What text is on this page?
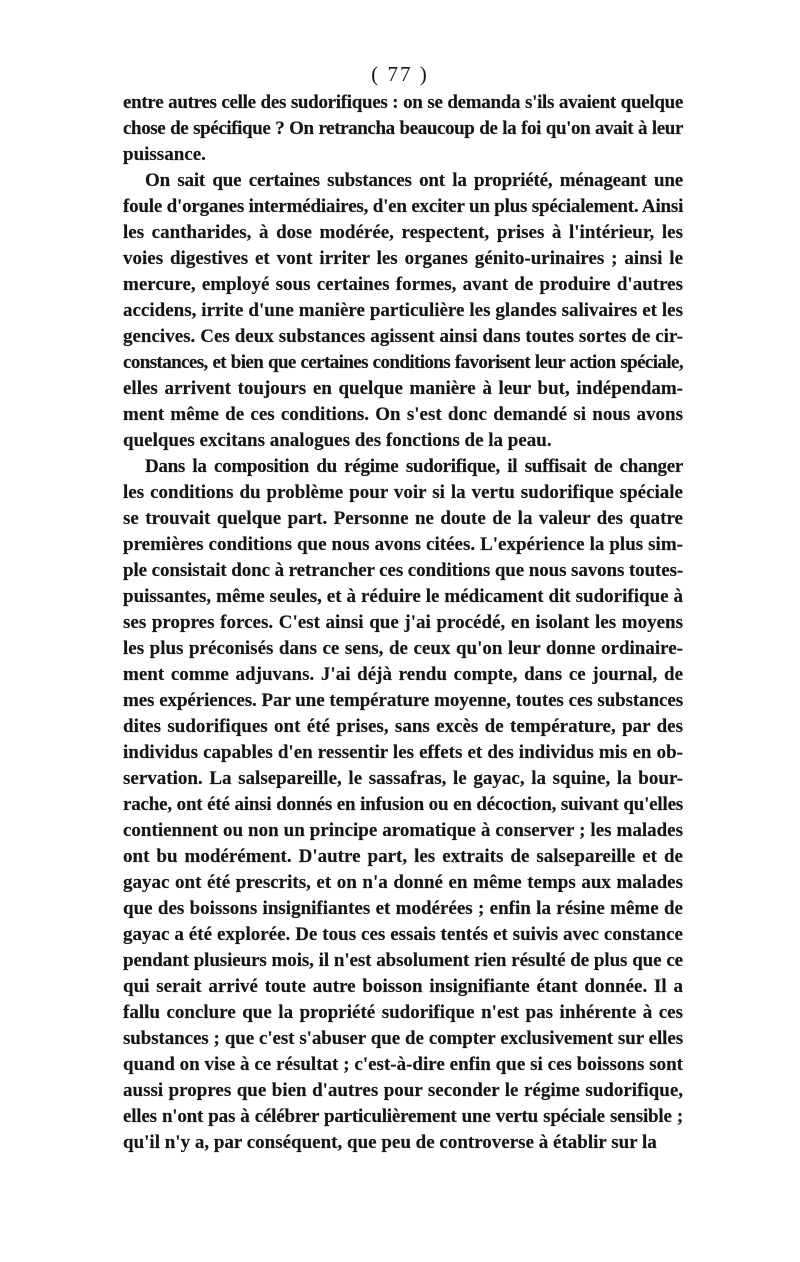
( 77 )
entre autres celle des sudorifiques : on se demanda s'ils avaient quelque
chose de spécifique ? On retrancha beaucoup de la foi qu'on avait à leur
puissance.
On sait que certaines substances ont la propriété, ménageant une
foule d'organes intermédiaires, d'en exciter un plus spécialement. Ainsi
les cantharides, à dose modérée, respectent, prises à l'intérieur, les
voies digestives et vont irriter les organes génito-urinaires ; ainsi le
mercure, employé sous certaines formes, avant de produire d'autres
accidens, irrite d'une manière particulière les glandes salivaires et les
gencives. Ces deux substances agissent ainsi dans toutes sortes de cir-
constances, et bien que certaines conditions favorisent leur action spéciale,
elles arrivent toujours en quelque manière à leur but, indépendam-
ment même de ces conditions. On s'est donc demandé si nous avons
quelques excitans analogues des fonctions de la peau.
Dans la composition du régime sudorifique, il suffisait de changer
les conditions du problème pour voir si la vertu sudorifique spéciale
se trouvait quelque part. Personne ne doute de la valeur des quatre
premières conditions que nous avons citées. L'expérience la plus sim-
ple consistait donc à retrancher ces conditions que nous savons toutes-
puissantes, même seules, et à réduire le médicament dit sudorifique à
ses propres forces. C'est ainsi que j'ai procédé, en isolant les moyens
les plus préconisés dans ce sens, de ceux qu'on leur donne ordinaire-
ment comme adjuvans. J'ai déjà rendu compte, dans ce journal, de
mes expériences. Par une température moyenne, toutes ces substances
dites sudorifiques ont été prises, sans excès de température, par des
individus capables d'en ressentir les effets et des individus mis en ob-
servation. La salsepareille, le sassafras, le gayac, la squine, la bour-
rache, ont été ainsi donnés en infusion ou en décoction, suivant qu'elles
contiennent ou non un principe aromatique à conserver ; les malades
ont bu modérément. D'autre part, les extraits de salsepareille et de
gayac ont été prescrits, et on n'a donné en même temps aux malades
que des boissons insignifiantes et modérées ; enfin la résine même de
gayac a été explorée. De tous ces essais tentés et suivis avec constance
pendant plusieurs mois, il n'est absolument rien résulté de plus que ce
qui serait arrivé toute autre boisson insignifiante étant donnée. Il a
fallu conclure que la propriété sudorifique n'est pas inhérente à ces
substances ; que c'est s'abuser que de compter exclusivement sur elles
quand on vise à ce résultat ; c'est-à-dire enfin que si ces boissons sont
aussi propres que bien d'autres pour seconder le régime sudorifique,
elles n'ont pas à célébrer particulièrement une vertu spéciale sensible ;
qu'il n'y a, par conséquent, que peu de controverse à établir sur la
